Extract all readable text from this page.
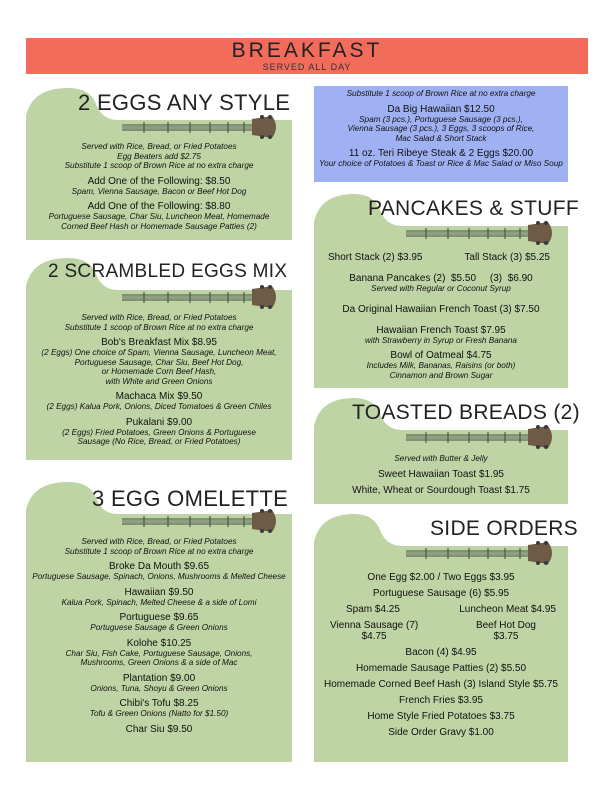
BREAKFAST
SERVED ALL DAY
2 EGGS ANY STYLE
Served with Rice, Bread, or Fried Potatoes
Egg Beaters add $2.75
Substitute 1 scoop of Brown Rice at no extra charge
Add One of the Following: $8.50
Spam, Vienna Sausage, Bacon or Beef Hot Dog
Add One of the Following: $8.80
Portuguese Sausage, Char Siu, Luncheon Meat, Homemade
Corned Beef Hash or Homemade Sausage Patties (2)
2 SCRAMBLED EGGS MIX
Served with Rice, Bread, or Fried Potatoes
Substitute 1 scoop of Brown Rice at no extra charge
Bob's Breakfast Mix $8.95
(2 Eggs) One choice of Spam, Vienna Sausage, Luncheon Meat,
Portuguese Sausage, Char Siu, Beef Hot Dog,
or Homemade Corn Beef Hash,
with White and Green Onions
Machaca Mix $9.50
(2 Eggs) Kalua Pork, Onions, Diced Tomatoes & Green Chiles
Pukalani $9.00
(2 Eggs) Fried Potatoes, Green Onions & Portuguese
Sausage (No Rice, Bread, or Fried Potatoes)
3 EGG OMELETTE
Served with Rice, Bread, or Fried Potatoes
Substitute 1 scoop of Brown Rice at no extra charge
Broke Da Mouth $9.65
Portuguese Sausage, Spinach, Onions, Mushrooms & Melted Cheese
Hawaiian $9.50
Kalua Pork, Spinach, Melted Cheese & a side of Lomi
Portuguese $9.65
Portuguese Sausage & Green Onions
Kolohe $10.25
Char Siu, Fish Cake, Portuguese Sausage, Onions,
Mushrooms, Green Onions & a side of Mac
Plantation $9.00
Onions, Tuna, Shoyu & Green Onions
Chibi's Tofu $8.25
Tofu & Green Onions (Natto for $1.50)
Char Siu $9.50
Substitute 1 scoop of Brown Rice at no extra charge
Da Big Hawaiian $12.50
Spam (3 pcs.), Portuguese Sausage (3 pcs.),
Vienna Sausage (3 pcs.), 3 Eggs, 3 scoops of Rice,
Mac Salad & Short Stack
11 oz. Teri Ribeye Steak & 2 Eggs $20.00
Your choice of Potatoes & Toast or Rice & Mac Salad or Miso Soup
PANCAKES & STUFF
Short Stack (2) $3.95	Tall Stack (3) $5.25
Banana Pancakes (2)  $5.50     (3)  $6.90
Served with Regular or Coconut Syrup
Da Original Hawaiian French Toast (3) $7.50
Hawaiian French Toast $7.95
with Strawberry in Syrup or Fresh Banana
Bowl of Oatmeal $4.75
Includes Milk, Bananas, Raisins (or both)
Cinnamon and Brown Sugar
TOASTED BREADS (2)
Served with Butter & Jelly
Sweet Hawaiian Toast $1.95
White, Wheat or Sourdough Toast $1.75
SIDE ORDERS
One Egg $2.00 / Two Eggs $3.95
Portuguese Sausage (6) $5.95
Spam $4.25	Luncheon Meat $4.95
Vienna Sausage (7)
$4.75
Beef Hot Dog
$3.75
Bacon (4) $4.95
Homemade Sausage Patties (2) $5.50
Homemade Corned Beef Hash (3) Island Style $5.75
French Fries $3.95
Home Style Fried Potatoes $3.75
Side Order Gravy $1.00
